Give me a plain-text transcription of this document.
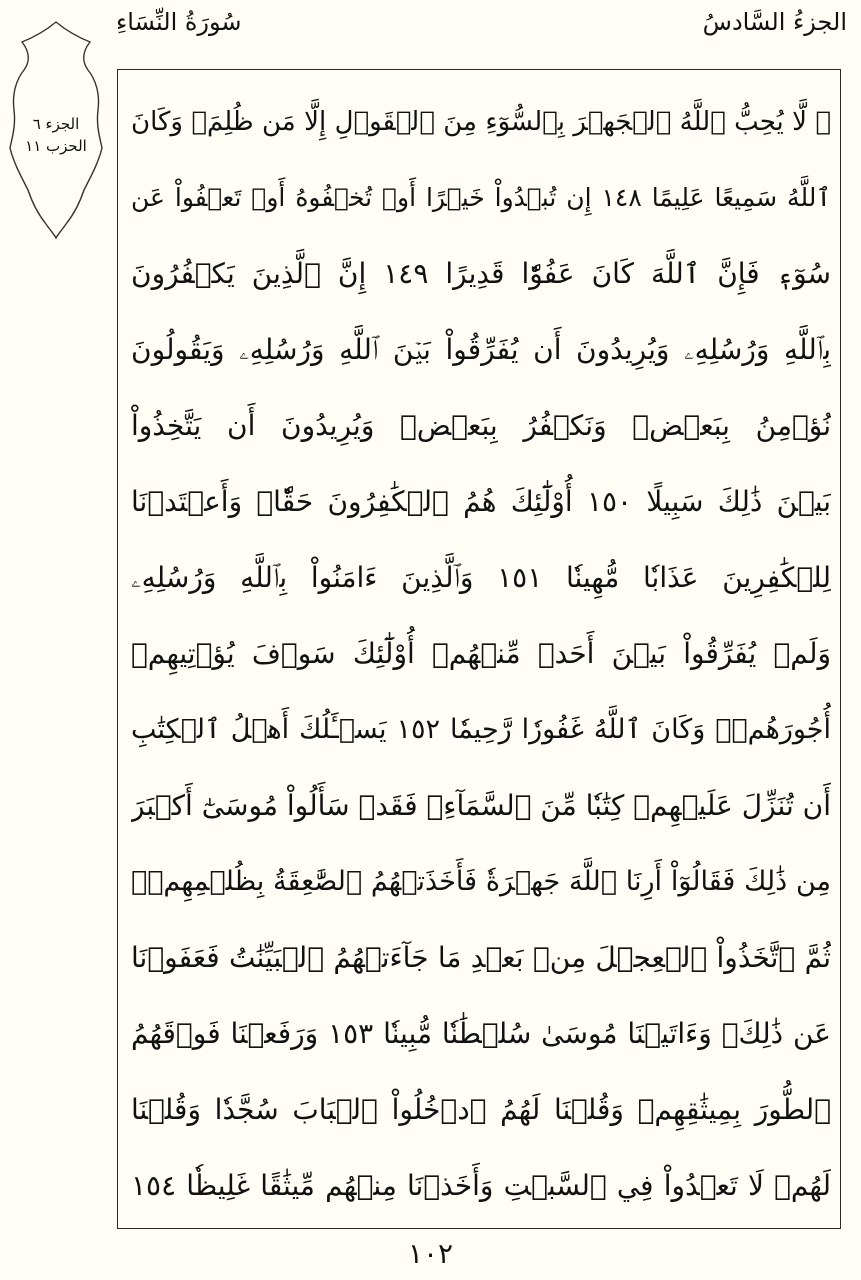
الجزءُ السَّادسُ
سُورَةُ النِّسَاءِ
الجزء ٦
الحزب ١١
۞ لَّا يُحِبُّ ٱللَّهُ ٱلۡجَهۡرَ بِٱلسُّوٓءِ مِنَ ٱلۡقَوۡلِ إِلَّا مَن ظُلِمَۚ وَكَانَ
ٱللَّهُ سَمِيعًا عَلِيمًا ١٤٨ إِن تُبۡدُواْ خَيۡرًا أَوۡ تُخۡفُوهُ أَوۡ تَعۡفُواْ عَن
سُوٓءٖ فَإِنَّ ٱللَّهَ كَانَ عَفُوّٗا قَدِيرًا ١٤٩ إِنَّ ٱلَّذِينَ يَكۡفُرُونَ
بِٱللَّهِ وَرُسُلِهِۦ وَيُرِيدُونَ أَن يُفَرِّقُواْ بَيۡنَ ٱللَّهِ وَرُسُلِهِۦ وَيَقُولُونَ
نُؤۡمِنُ بِبَعۡضٖ وَنَكۡفُرُ بِبَعۡضٖ وَيُرِيدُونَ أَن يَتَّخِذُواْ
بَيۡنَ ذَٰلِكَ سَبِيلًا ١٥٠ أُوْلَٰٓئِكَ هُمُ ٱلۡكَٰفِرُونَ حَقّٗاۚ وَأَعۡتَدۡنَا
لِلۡكَٰفِرِينَ عَذَابٗا مُّهِينٗا ١٥١ وَٱلَّذِينَ ءَامَنُواْ بِٱللَّهِ وَرُسُلِهِۦ
وَلَمۡ يُفَرِّقُواْ بَيۡنَ أَحَدٖ مِّنۡهُمۡ أُوْلَٰٓئِكَ سَوۡفَ يُؤۡتِيهِمۡ
أُجُورَهُمۡۚ وَكَانَ ٱللَّهُ غَفُورٗا رَّحِيمٗا ١٥٢ يَسۡـَٔلُكَ أَهۡلُ ٱلۡكِتَٰبِ
أَن تُنَزِّلَ عَلَيۡهِمۡ كِتَٰبٗا مِّنَ ٱلسَّمَآءِۚ فَقَدۡ سَأَلُواْ مُوسَىٰٓ أَكۡبَرَ
مِن ذَٰلِكَ فَقَالُوٓاْ أَرِنَا ٱللَّهَ جَهۡرَةٗ فَأَخَذَتۡهُمُ ٱلصَّٰعِقَةُ بِظُلۡمِهِمۡۚ
ثُمَّ ٱتَّخَذُواْ ٱلۡعِجۡلَ مِنۢ بَعۡدِ مَا جَآءَتۡهُمُ ٱلۡبَيِّنَٰتُ فَعَفَوۡنَا
عَن ذَٰلِكَۚ وَءَاتَيۡنَا مُوسَىٰ سُلۡطَٰنٗا مُّبِينٗا ١٥٣ وَرَفَعۡنَا فَوۡقَهُمُ
ٱلطُّورَ بِمِيثَٰقِهِمۡ وَقُلۡنَا لَهُمُ ٱدۡخُلُواْ ٱلۡبَابَ سُجَّدٗا وَقُلۡنَا
لَهُمۡ لَا تَعۡدُواْ فِي ٱلسَّبۡتِ وَأَخَذۡنَا مِنۡهُم مِّيثَٰقًا غَلِيظٗا ١٥٤
١٠٢
